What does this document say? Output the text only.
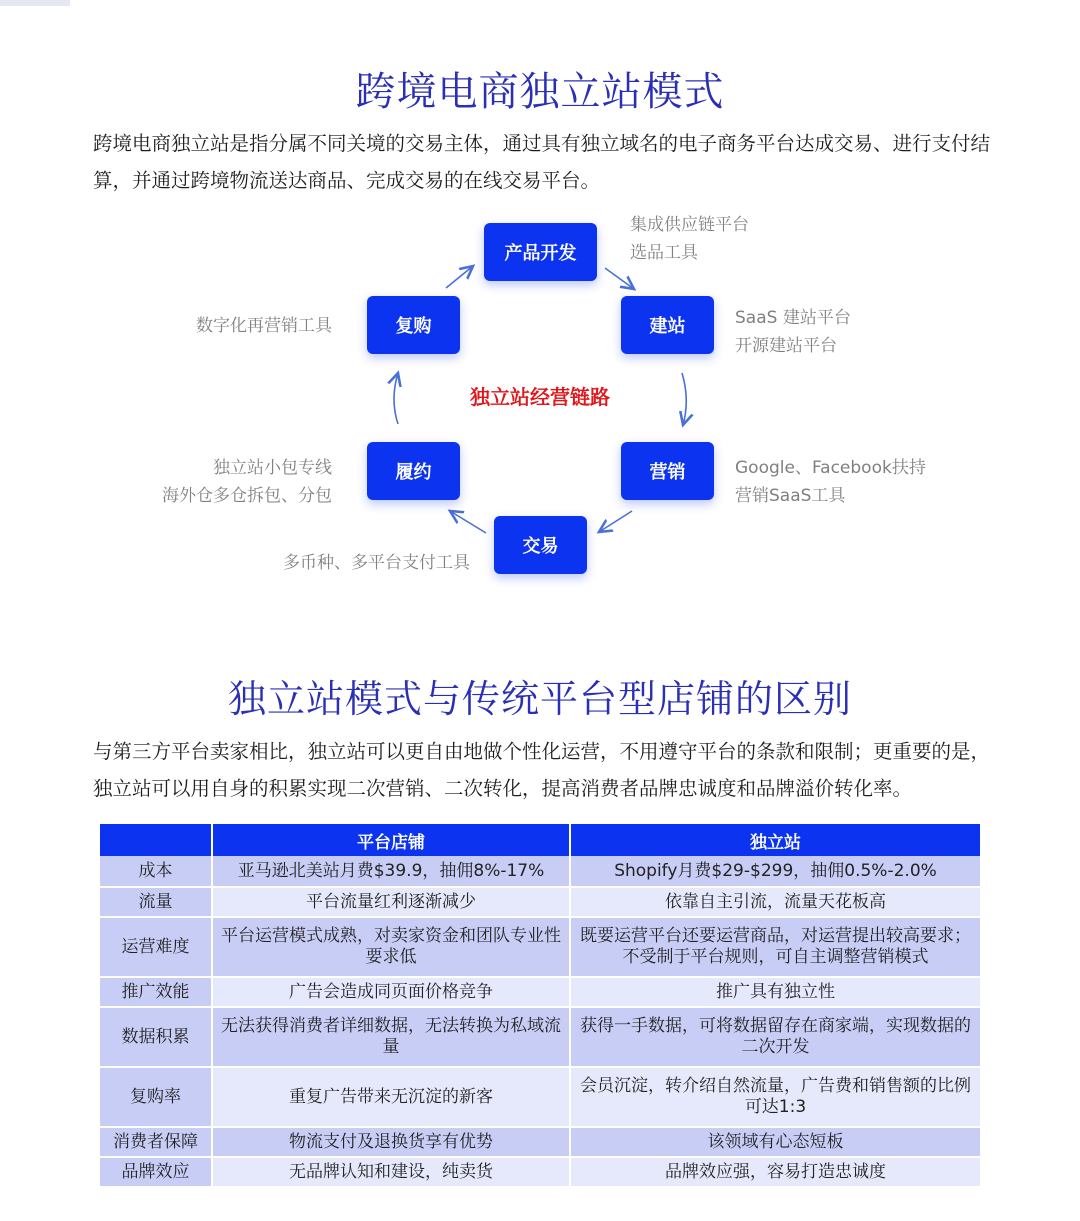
跨境电商独立站模式
跨境电商独立站是指分属不同关境的交易主体，通过具有独立域名的电子商务平台达成交易、进行支付结算，并通过跨境物流送达商品、完成交易的在线交易平台。
产品开发
建站
营销
交易
履约
复购
独立站经营链路
集成供应链平台
选品工具
SaaS 建站平台
开源建站平台
Google、Facebook扶持
营销SaaS工具
多币种、多平台支付工具
独立站小包专线
海外仓多仓拆包、分包
数字化再营销工具
独立站模式与传统平台型店铺的区别
与第三方平台卖家相比，独立站可以更自由地做个性化运营，不用遵守平台的条款和限制；更重要的是，独立站可以用自身的积累实现二次营销、二次转化，提高消费者品牌忠诚度和品牌溢价转化率。
	平台店铺	独立站
成本	亚马逊北美站月费$39.9，抽佣8%-17%	Shopify月费$29-$299，抽佣0.5%-2.0%
流量	平台流量红利逐渐减少	依靠自主引流，流量天花板高
运营难度	平台运营模式成熟，对卖家资金和团队专业性要求低	既要运营平台还要运营商品，对运营提出较高要求；不受制于平台规则，可自主调整营销模式
推广效能	广告会造成同页面价格竞争	推广具有独立性
数据积累	无法获得消费者详细数据，无法转换为私域流量	获得一手数据，可将数据留存在商家端，实现数据的二次开发
复购率	重复广告带来无沉淀的新客	会员沉淀，转介绍自然流量，广告费和销售额的比例可达1:3
消费者保障	物流支付及退换货享有优势	该领域有心态短板
品牌效应	无品牌认知和建设，纯卖货	品牌效应强，容易打造忠诚度
